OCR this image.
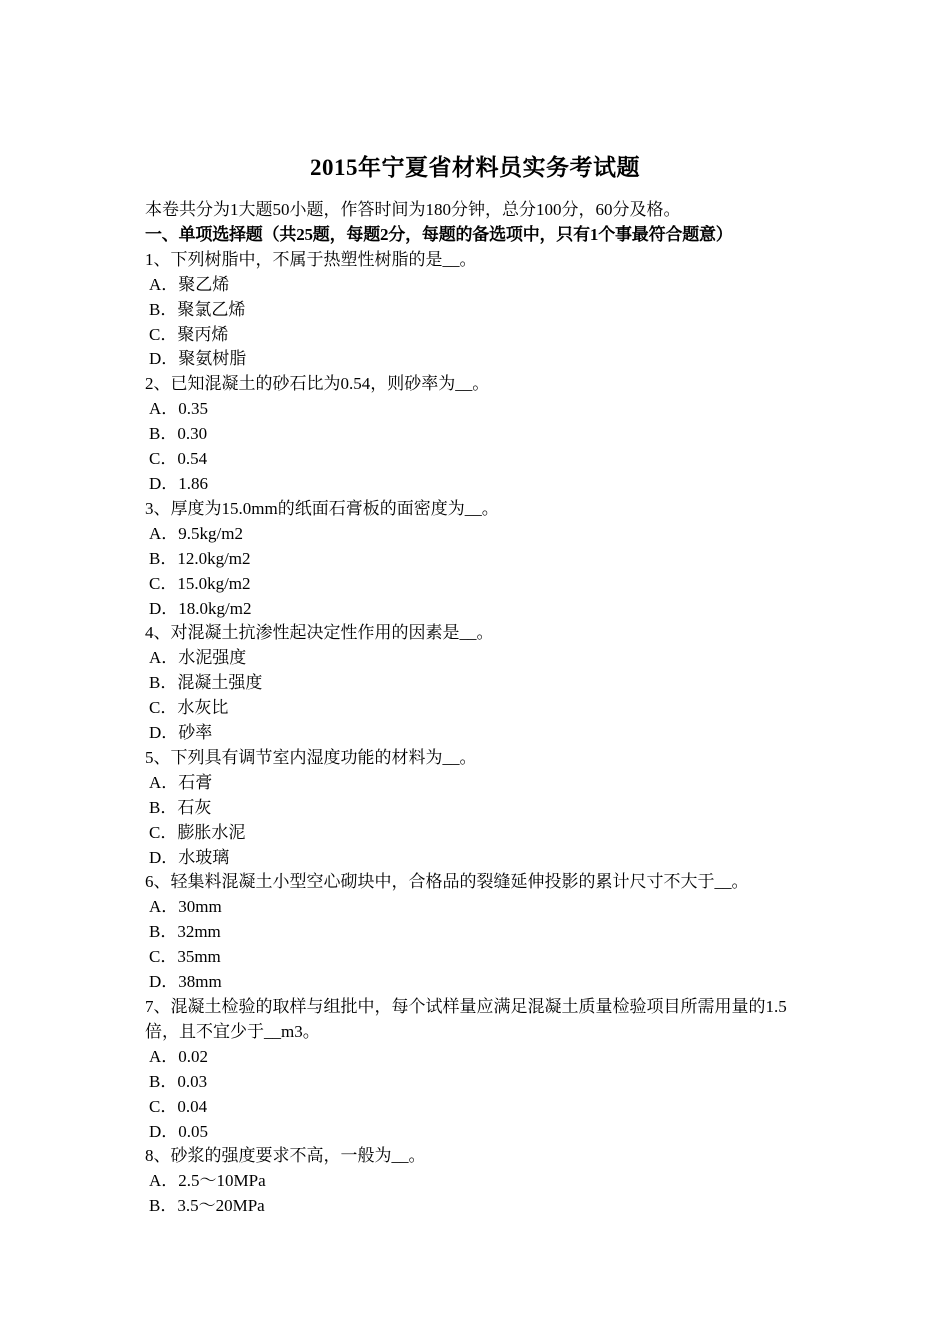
2015年宁夏省材料员实务考试题
本卷共分为1大题50小题，作答时间为180分钟，总分100分，60分及格。
一、单项选择题（共25题，每题2分，每题的备选项中，只有1个事最符合题意）
1、下列树脂中，不属于热塑性树脂的是__。
A．聚乙烯
B．聚氯乙烯
C．聚丙烯
D．聚氨树脂
2、已知混凝土的砂石比为0.54，则砂率为__。
A．0.35
B．0.30
C．0.54
D．1.86
3、厚度为15.0mm的纸面石膏板的面密度为__。
A．9.5kg/m2
B．12.0kg/m2
C．15.0kg/m2
D．18.0kg/m2
4、对混凝土抗渗性起决定性作用的因素是__。
A．水泥强度
B．混凝土强度
C．水灰比
D．砂率
5、下列具有调节室内湿度功能的材料为__。
A．石膏
B．石灰
C．膨胀水泥
D．水玻璃
6、轻集料混凝土小型空心砌块中，合格品的裂缝延伸投影的累计尺寸不大于__。
A．30mm
B．32mm
C．35mm
D．38mm
7、混凝土检验的取样与组批中，每个试样量应满足混凝土质量检验项目所需用量的1.5倍，且不宜少于__m3。
A．0.02
B．0.03
C．0.04
D．0.05
8、砂浆的强度要求不高，一般为__。
A．2.5～10MPa
B．3.5～20MPa
